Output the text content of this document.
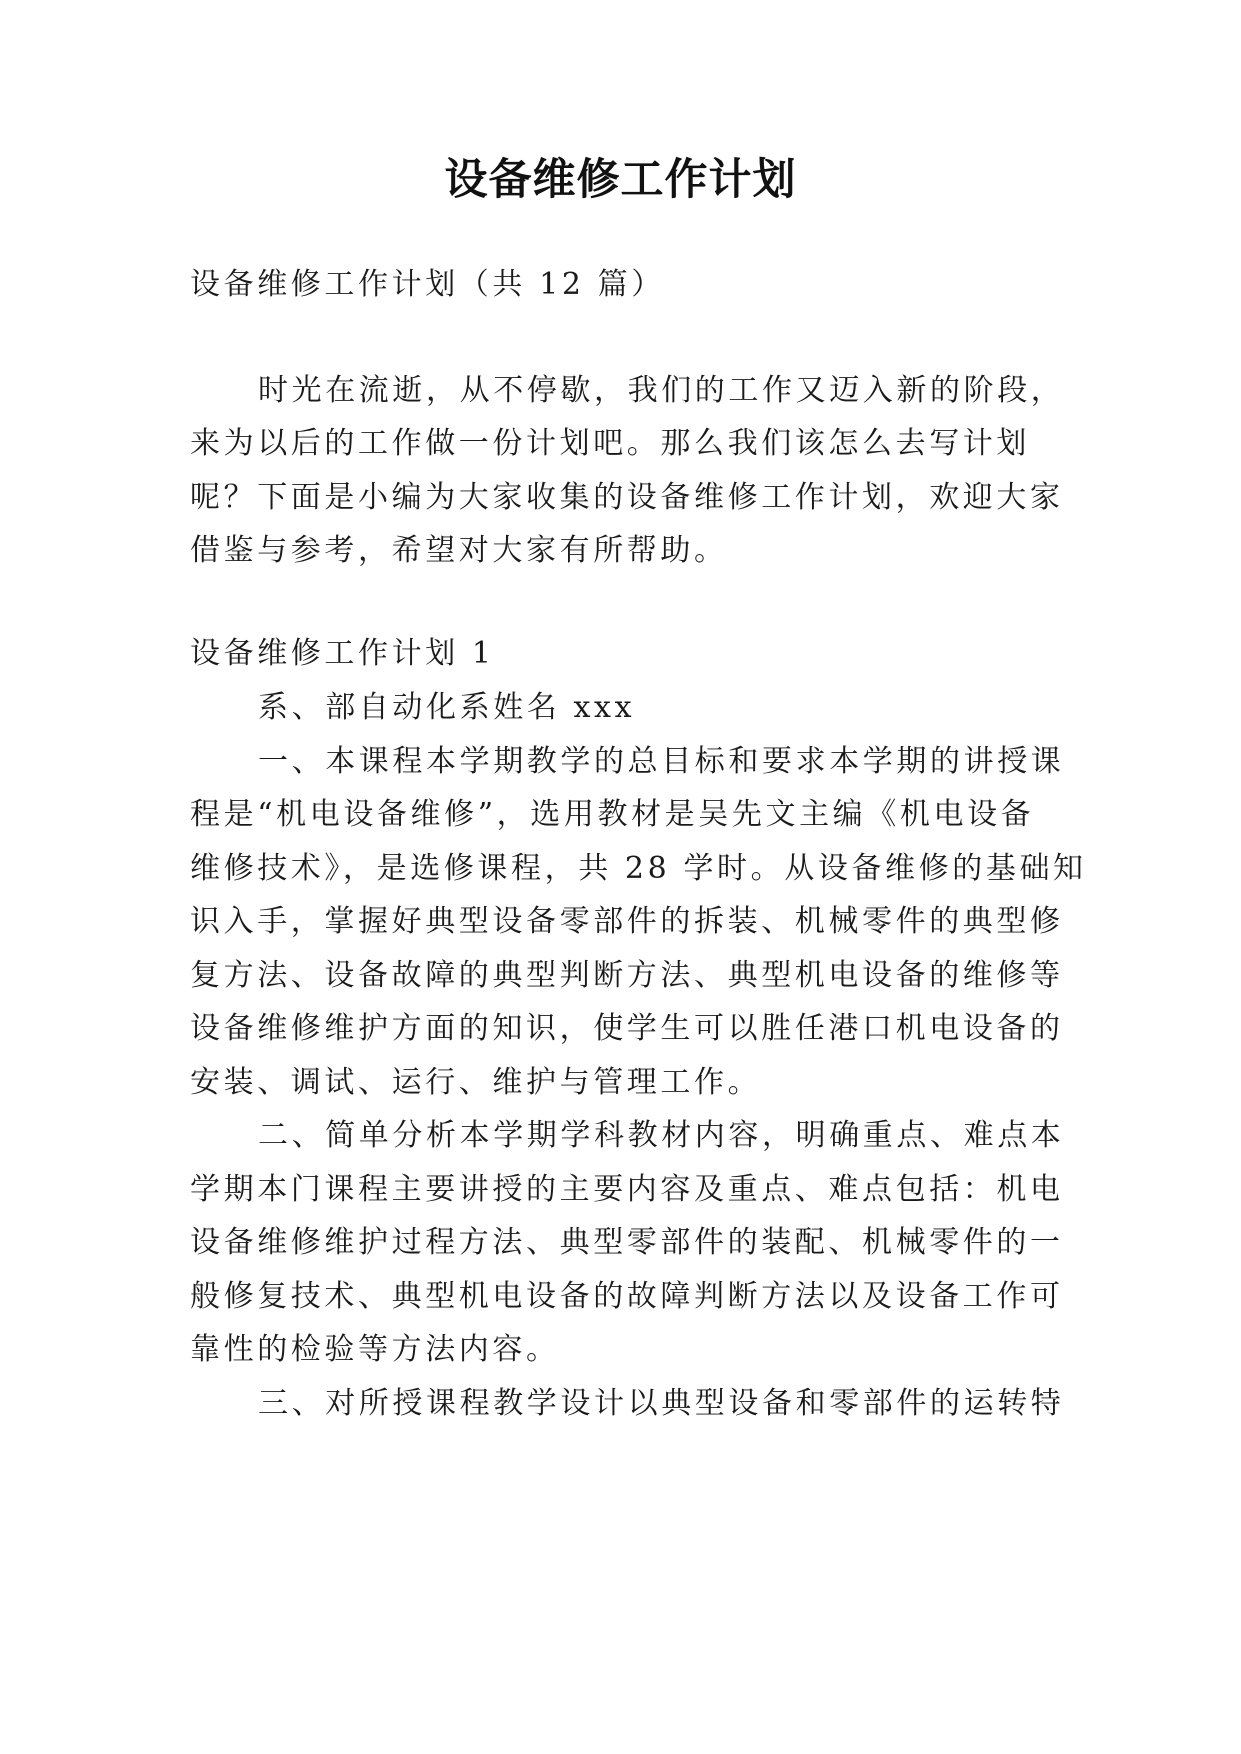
设备维修工作计划

设备维修工作计划（共 12 篇）

时光在流逝，从不停歇，我们的工作又迈入新的阶段，

来为以后的工作做一份计划吧。那么我们该怎么去写计划

呢？下面是小编为大家收集的设备维修工作计划，欢迎大家

借鉴与参考，希望对大家有所帮助。

设备维修工作计划 1

系、部自动化系姓名 xxx

一、本课程本学期教学的总目标和要求本学期的讲授课

程是“机电设备维修”，选用教材是吴先文主编《机电设备

维修技术》，是选修课程，共 28 学时。从设备维修的基础知

识入手，掌握好典型设备零部件的拆装、机械零件的典型修

复方法、设备故障的典型判断方法、典型机电设备的维修等

设备维修维护方面的知识，使学生可以胜任港口机电设备的

安装、调试、运行、维护与管理工作。

二、简单分析本学期学科教材内容，明确重点、难点本

学期本门课程主要讲授的主要内容及重点、难点包括：机电

设备维修维护过程方法、典型零部件的装配、机械零件的一

般修复技术、典型机电设备的故障判断方法以及设备工作可

靠性的检验等方法内容。

三、对所授课程教学设计以典型设备和零部件的运转特
